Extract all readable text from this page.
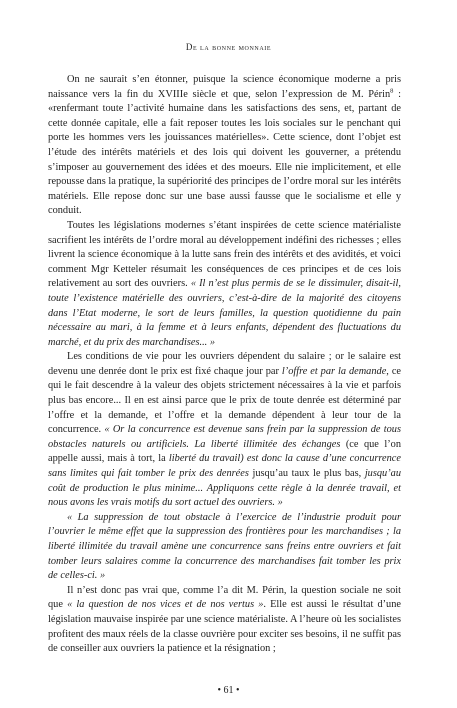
De la bonne monnaie

On ne saurait s’en étonner, puisque la science économique moderne a pris naissance vers la fin du XVIIIe siècle et que, selon l’expression de M. Périn$^8$ : «renfermant toute l’activité humaine dans les satisfactions des sens, et, partant de cette donnée capitale, elle a fait reposer toutes les lois sociales sur le penchant qui porte les hommes vers les jouissances matérielles». Cette science, dont l’objet est l’étude des intérêts matériels et des lois qui doivent les gouverner, a prétendu s’imposer au gouvernement des idées et des moeurs. Elle nie implicitement, et elle repousse dans la pratique, la supériorité des principes de l’ordre moral sur les intérêts matériels. Elle repose donc sur une base aussi fausse que le socialisme et elle y conduit.

Toutes les législations modernes s’étant inspirées de cette science matérialiste sacrifient les intérêts de l’ordre moral au développement indéfini des richesses ; elles livrent la science économique à la lutte sans frein des intérêts et des avidités, et voici comment Mgr Ketteler résumait les conséquences de ces principes et de ces lois relativement au sort des ouvriers. « Il n’est plus permis de se le dissimuler, disait-il, toute l’existence matérielle des ouvriers, c’est-à-dire de la majorité des citoyens dans l’Etat moderne, le sort de leurs familles, la question quotidienne du pain nécessaire au mari, à la femme et à leurs enfants, dépendent des fluctuations du marché, et du prix des marchandises... »

Les conditions de vie pour les ouvriers dépendent du salaire ; or le salaire est devenu une denrée dont le prix est fixé chaque jour par l’offre et par la demande, ce qui le fait descendre à la valeur des objets strictement nécessaires à la vie et parfois plus bas encore... Il en est ainsi parce que le prix de toute denrée est déterminé par l’offre et la demande, et l’offre et la demande dépendent à leur tour de la concurrence. « Or la concurrence est devenue sans frein par la suppression de tous obstacles naturels ou artificiels. La liberté illimitée des échanges (ce que l’on appelle aussi, mais à tort, la liberté du travail) est donc la cause d’une concurrence sans limites qui fait tomber le prix des denrées jusqu’au taux le plus bas, jusqu’au coût de production le plus minime... Appliquons cette règle à la denrée travail, et nous avons les vrais motifs du sort actuel des ouvriers. »

« La suppression de tout obstacle à l’exercice de l’industrie produit pour l’ouvrier le même effet que la suppression des frontières pour les marchandises ; la liberté illimitée du travail amène une concurrence sans freins entre ouvriers et fait tomber leurs salaires comme la concurrence des marchandises fait tomber les prix de celles-ci. »

Il n’est donc pas vrai que, comme l’a dit M. Périn, la question sociale ne soit que « la question de nos vices et de nos vertus ». Elle est aussi le résultat d’une législation mauvaise inspirée par une science matérialiste. A l’heure où les socialistes profitent des maux réels de la classe ouvrière pour exciter ses besoins, il ne suffit pas de conseiller aux ouvriers la patience et la résignation ;

• 61 •
